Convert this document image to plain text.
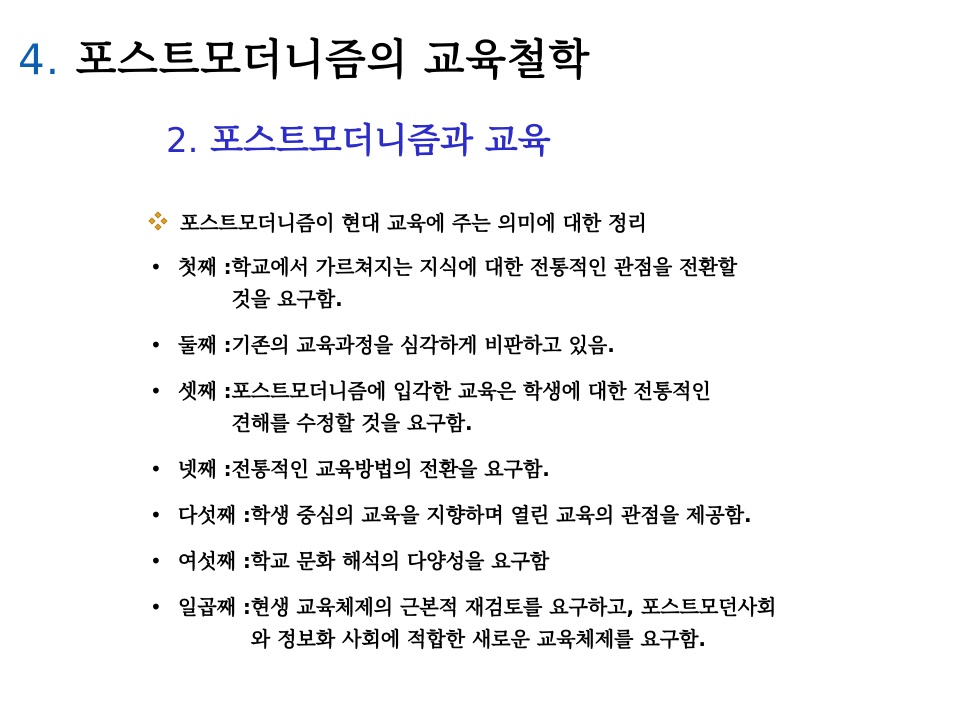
4. 포스트모더니즘의 교육철학
2. 포스트모더니즘과 교육
포스트모더니즘이 현대 교육에 주는 의미에 대한 정리
• 첫째 : 학교에서 가르쳐지는 지식에 대한 전통적인 관점을 전환할
것을 요구함.
• 둘째 : 기존의 교육과정을 심각하게 비판하고 있음.
• 셋째 : 포스트모더니즘에 입각한 교육은 학생에 대한 전통적인
견해를 수정할 것을 요구함.
• 넷째 : 전통적인 교육방법의 전환을 요구함.
• 다섯째 : 학생 중심의 교육을 지향하며 열린 교육의 관점을 제공함.
• 여섯째 : 학교 문화 해석의 다양성을 요구함
• 일곱째 : 현생 교육체제의 근본적 재검토를 요구하고, 포스트모던사회
와 정보화 사회에 적합한 새로운 교육체제를 요구함.
